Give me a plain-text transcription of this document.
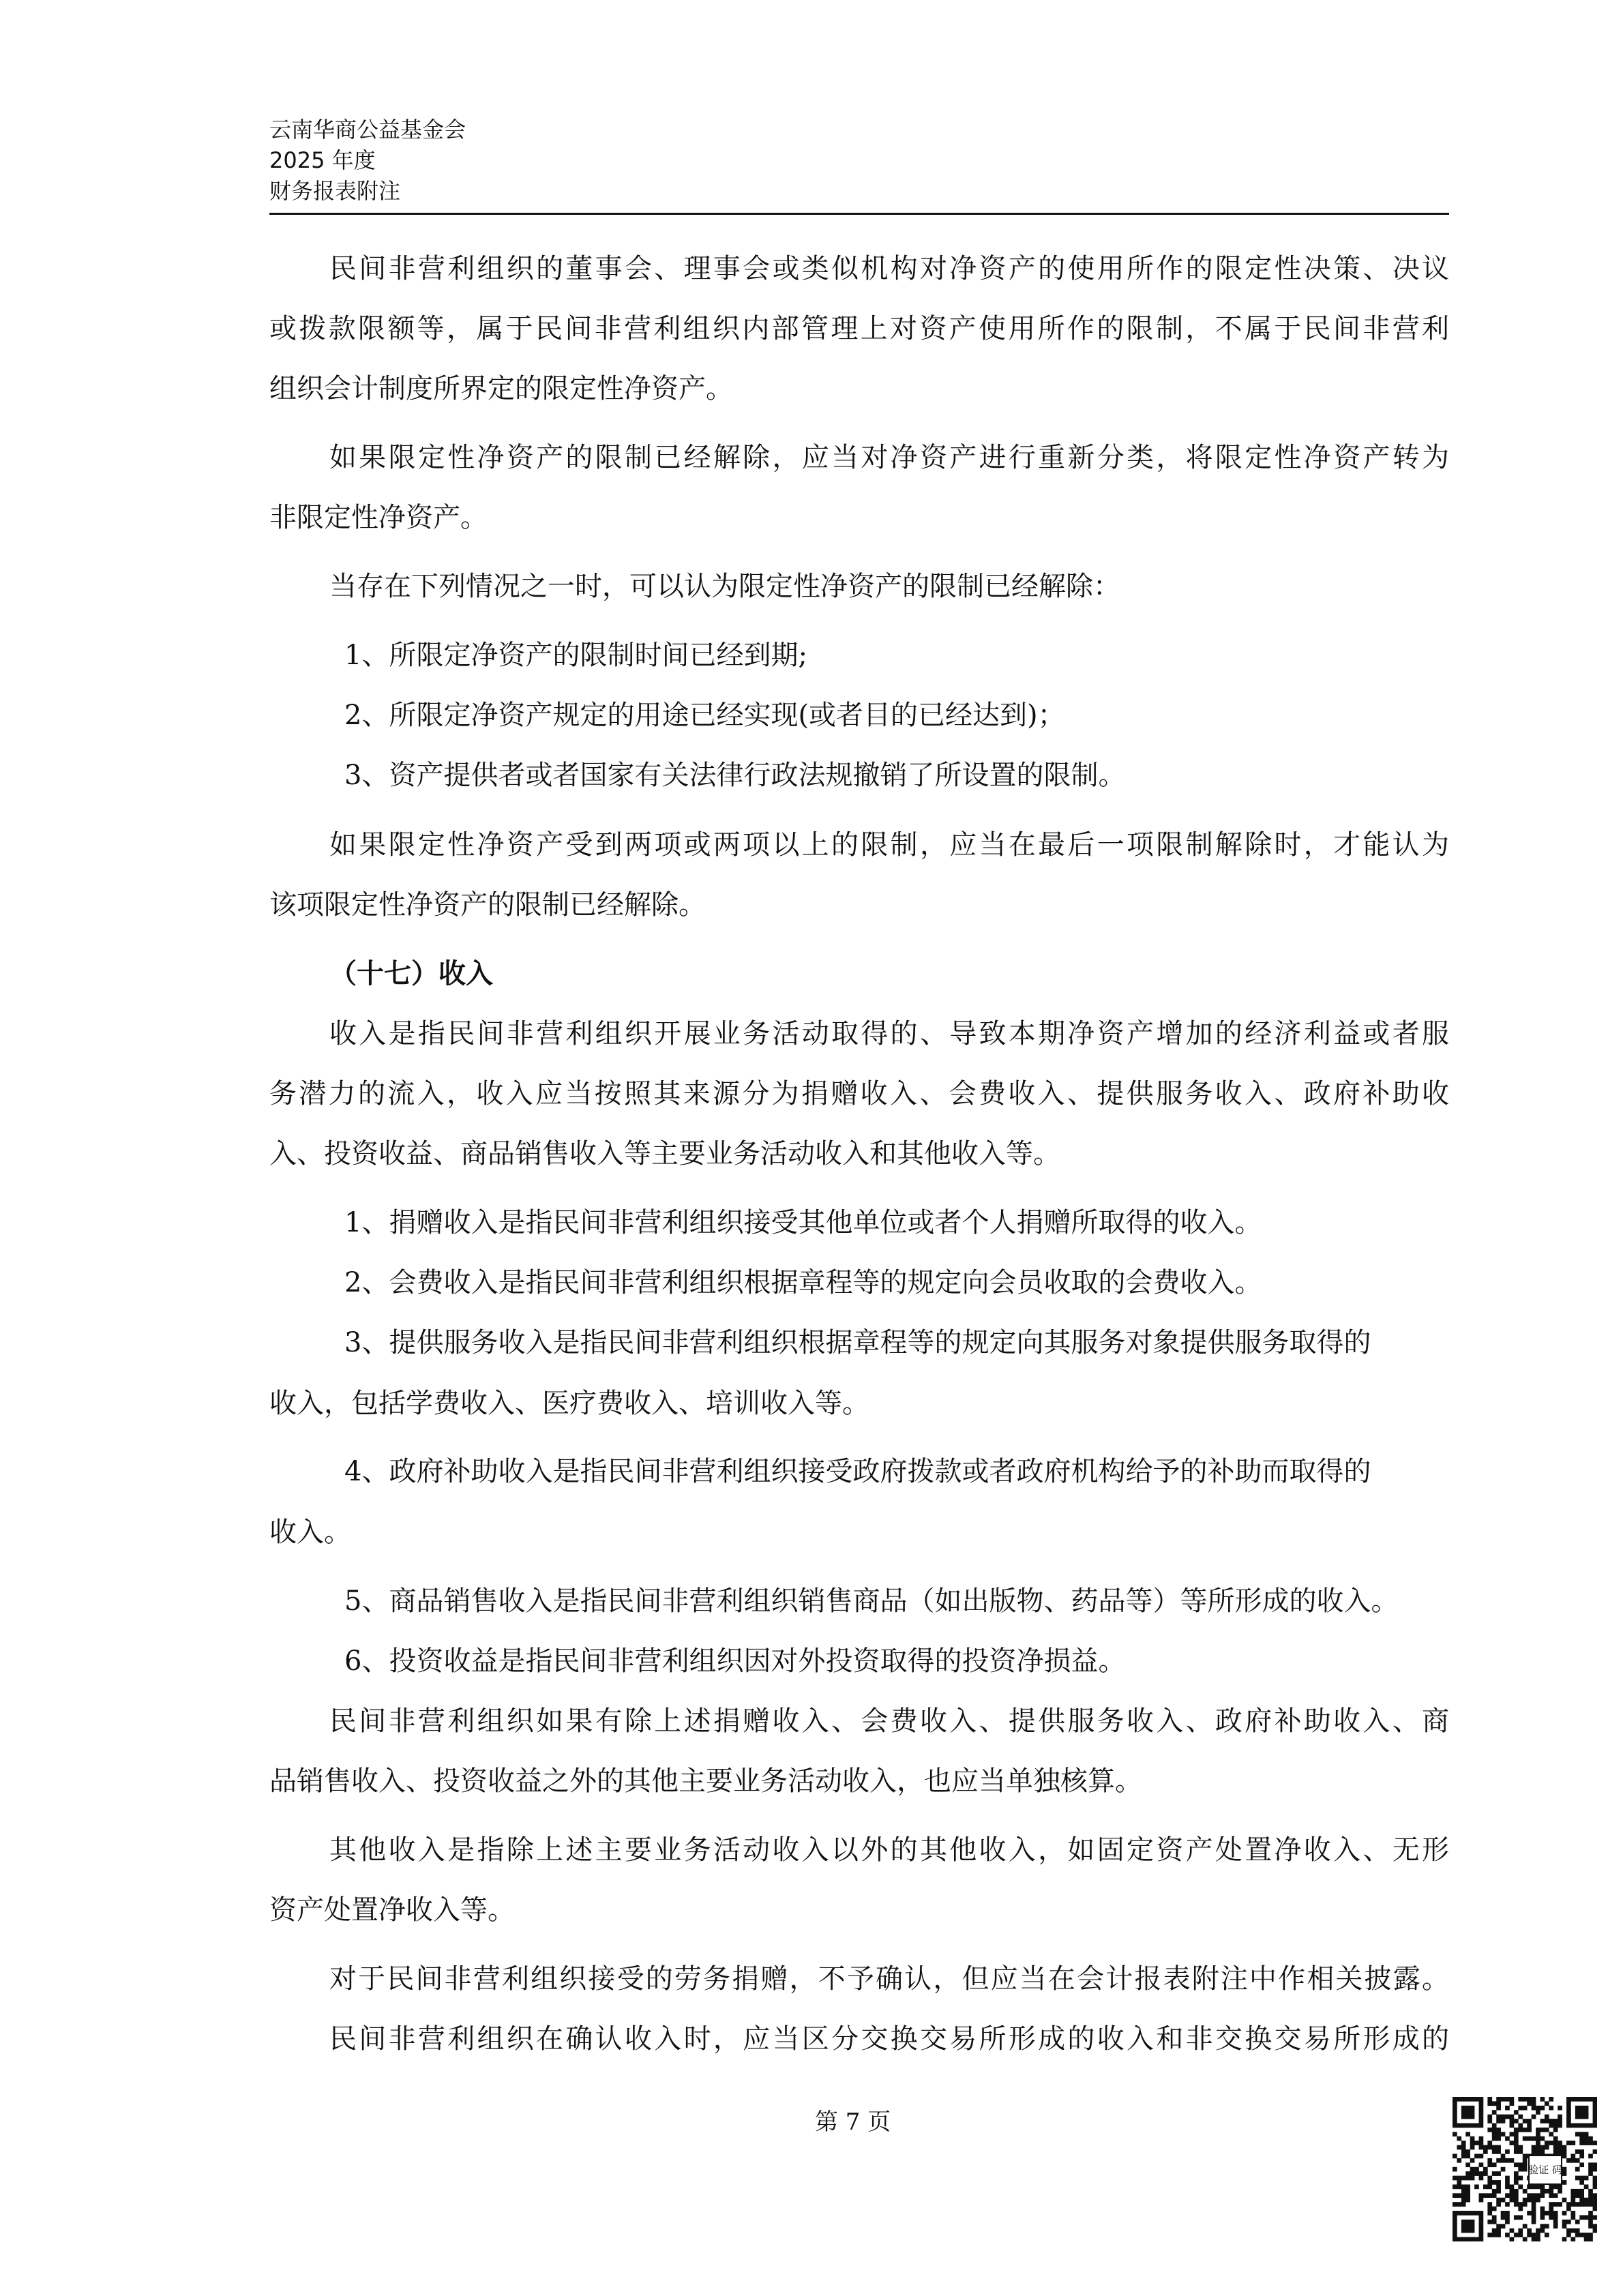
云南华商公益基金会
2025 年度
财务报表附注
民间非营利组织的董事会、理事会或类似机构对净资产的使用所作的限定性决策、决议
或拨款限额等，属于民间非营利组织内部管理上对资产使用所作的限制，不属于民间非营利
组织会计制度所界定的限定性净资产。
如果限定性净资产的限制已经解除，应当对净资产进行重新分类，将限定性净资产转为
非限定性净资产。
当存在下列情况之一时，可以认为限定性净资产的限制已经解除：
1、所限定净资产的限制时间已经到期;
2、所限定净资产规定的用途已经实现(或者目的已经达到)；
3、资产提供者或者国家有关法律行政法规撤销了所设置的限制。
如果限定性净资产受到两项或两项以上的限制，应当在最后一项限制解除时，才能认为
该项限定性净资产的限制已经解除。
（十七）收入
收入是指民间非营利组织开展业务活动取得的、导致本期净资产增加的经济利益或者服
务潜力的流入，收入应当按照其来源分为捐赠收入、会费收入、提供服务收入、政府补助收
入、投资收益、商品销售收入等主要业务活动收入和其他收入等。
1、捐赠收入是指民间非营利组织接受其他单位或者个人捐赠所取得的收入。
2、会费收入是指民间非营利组织根据章程等的规定向会员收取的会费收入。
3、提供服务收入是指民间非营利组织根据章程等的规定向其服务对象提供服务取得的
收入，包括学费收入、医疗费收入、培训收入等。
4、政府补助收入是指民间非营利组织接受政府拨款或者政府机构给予的补助而取得的
收入。
5、商品销售收入是指民间非营利组织销售商品（如出版物、药品等）等所形成的收入。
6、投资收益是指民间非营利组织因对外投资取得的投资净损益。
民间非营利组织如果有除上述捐赠收入、会费收入、提供服务收入、政府补助收入、商
品销售收入、投资收益之外的其他主要业务活动收入，也应当单独核算。
其他收入是指除上述主要业务活动收入以外的其他收入，如固定资产处置净收入、无形
资产处置净收入等。
对于民间非营利组织接受的劳务捐赠，不予确认，但应当在会计报表附注中作相关披露。
民间非营利组织在确认收入时，应当区分交换交易所形成的收入和非交换交易所形成的
第 7 页
验证 码
